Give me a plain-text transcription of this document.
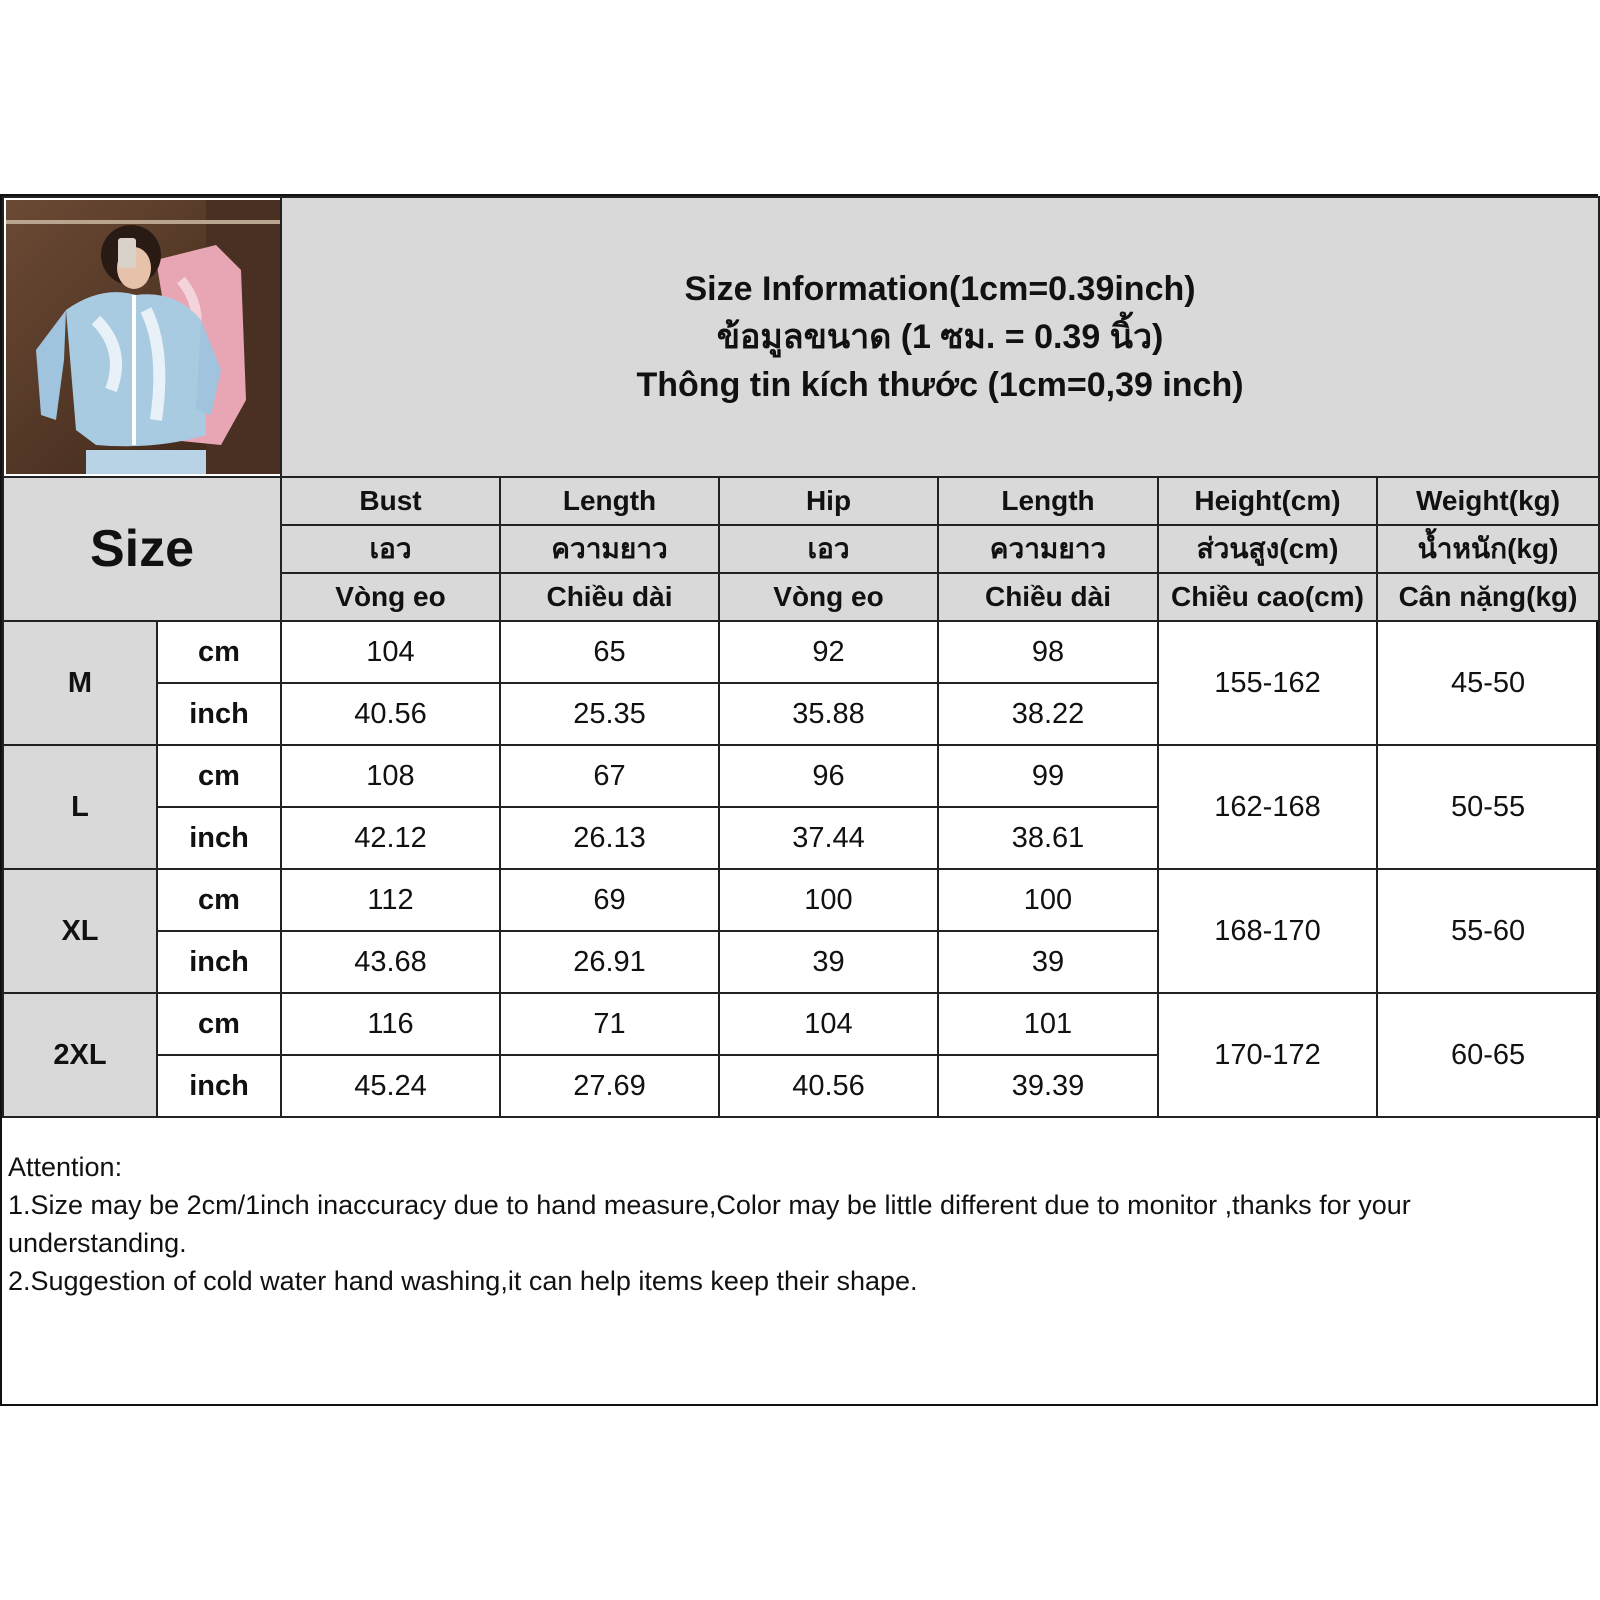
Size Information(1cm=0.39inch)
ข้อมูลขนาด (1 ซม. = 0.39 นิ้ว)
Thông tin kích thước (1cm=0,39 inch)					

Size		Bust	Length	Hip	Length	Height(cm)	Weight(kg)
		เอว	ความยาว	เอว	ความยาว	ส่วนสูง(cm)	น้ำหนัก(kg)
		Vòng eo	Chiều dài	Vòng eo	Chiều dài	Chiều cao(cm)	Cân nặng(kg)
M	cm	104	65	92	98	155-162	45-50
	inch	40.56	25.35	35.88	38.22		
L	cm	108	67	96	99	162-168	50-55
	inch	42.12	26.13	37.44	38.61		
XL	cm	112	69	100	100	168-170	55-60
	inch	43.68	26.91	39	39		
2XL	cm	116	71	104	101	170-172	60-65
	inch	45.24	27.69	40.56	39.39		
Attention:
1.Size may be 2cm/1inch inaccuracy due to hand measure,Color may be little different due to monitor ,thanks for your understanding.
2.Suggestion of cold water hand washing,it can help items keep their shape.
